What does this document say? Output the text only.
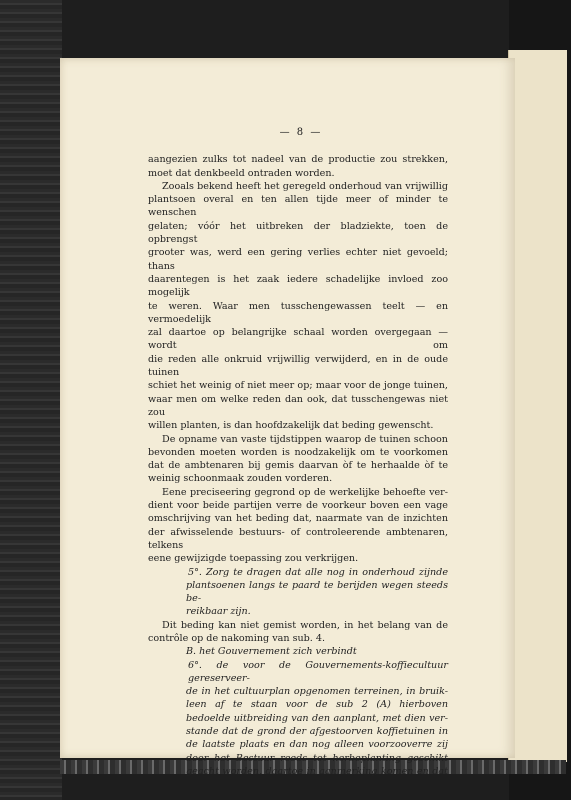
— 8 —
aangezien zulks tot nadeel van de productie zou strekken,
moet dat denkbeeld ontraden worden.
Zooals bekend heeft het geregeld onderhoud van vrijwillig
plantsoen overal en ten allen tijde meer of minder te wenschen
gelaten; vóór het uitbreken der bladziekte, toen de opbrengst
grooter was, werd een gering verlies echter niet gevoeld; thans
daarentegen is het zaak iedere schadelijke invloed zoo mogelijk
te weren. Waar men tusschengewassen teelt — en vermoedelijk
zal daartoe op belangrijke schaal worden overgegaan — wordt om
die reden alle onkruid vrijwillig verwijderd, en in de oude tuinen
schiet het weinig of niet meer op; maar voor de jonge tuinen,
waar men om welke reden dan ook, dat tusschengewas niet zou
willen planten, is dan hoofdzakelijk dat beding gewenscht.
De opname van vaste tijdstippen waarop de tuinen schoon
bevonden moeten worden is noodzakelijk om te voorkomen
dat de ambtenaren bij gemis daarvan òf te herhaalde òf te
weinig schoonmaak zouden vorderen.
Eene preciseering gegrond op de werkelijke behoefte ver-
dient voor beide partijen verre de voorkeur boven een vage
omschrijving van het beding dat, naarmate van de inzichten
der afwisselende bestuurs- of controleerende ambtenaren, telkens
eene gewijzigde toepassing zou verkrijgen.
5°. Zorg te dragen dat alle nog in onderhoud zijnde
plantsoenen langs te paard te berijden wegen steeds be-
reikbaar zijn.
Dit beding kan niet gemist worden, in het belang van de
contrôle op de nakoming van sub. 4.
B. het Gouvernement zich verbindt
6°. de voor de Gouvernements-koffiecultuur gereserveer-
de in het cultuurplan opgenomen terreinen, in bruik-
leen af te staan voor de sub 2 (A) hierboven
bedoelde uitbreiding van den aanplant, met dien ver-
stande dat de grond der afgestoorven koffietuinen in
de laatste plaats en dan nog alleen voorzooverre zij
door het Bestuur reeds tot herbeplanting geschikt
geacht worden, daartoe in aanmerking komen en dat
